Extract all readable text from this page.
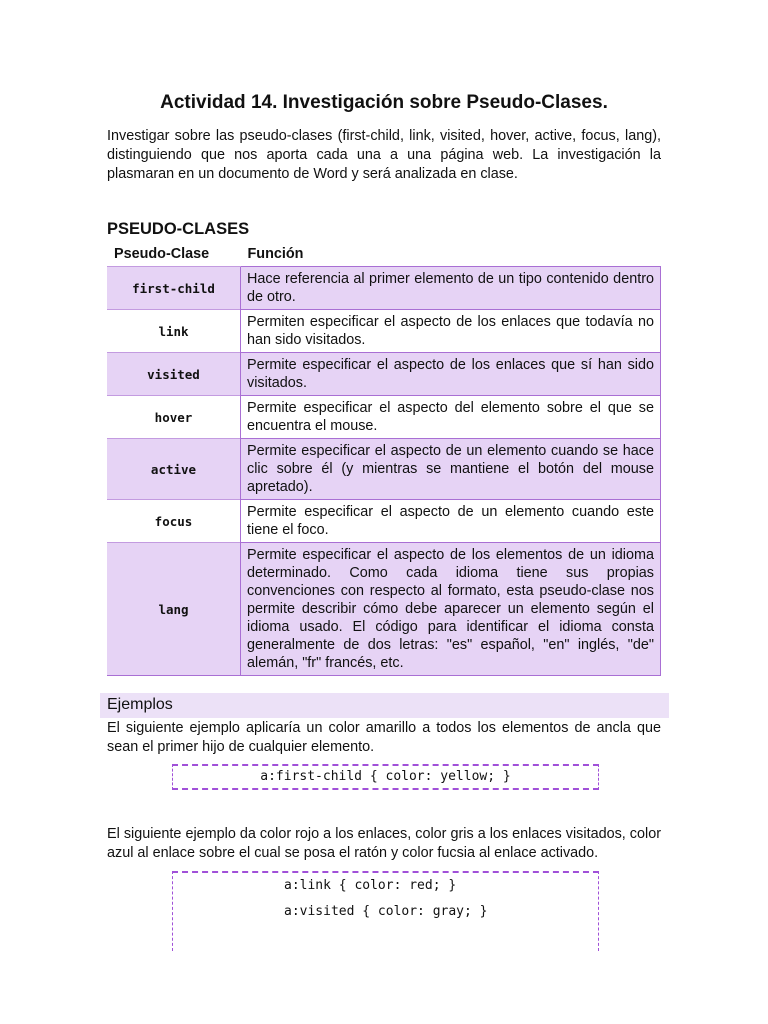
Actividad 14. Investigación sobre Pseudo-Clases.

Investigar sobre las pseudo-clases (first-child, link, visited, hover, active, focus, lang), distinguiendo que nos aporta cada una a una página web. La investigación la plasmaran en un documento de Word y será analizada en clase.

PSEUDO-CLASES

Pseudo-Clase	Función
first-child	Hace referencia al primer elemento de un tipo contenido dentro de otro.
link	Permiten especificar el aspecto de los enlaces que todavía no han sido visitados.
visited	Permite especificar el aspecto de los enlaces que sí han sido visitados.
hover	Permite especificar el aspecto del elemento sobre el que se encuentra el mouse.
active	Permite especificar el aspecto de un elemento cuando se hace clic sobre él (y mientras se mantiene el botón del mouse apretado).
focus	Permite especificar el aspecto de un elemento cuando este tiene el foco.
lang	Permite especificar el aspecto de los elementos de un idioma determinado. Como cada idioma tiene sus propias convenciones con respecto al formato, esta pseudo-clase nos permite describir cómo debe aparecer un elemento según el idioma usado. El código para identificar el idioma consta generalmente de dos letras: "es" español, "en" inglés, "de" alemán, "fr" francés, etc.

Ejemplos

El siguiente ejemplo aplicaría un color amarillo a todos los elementos de ancla que sean el primer hijo de cualquier elemento.

a:first-child { color: yellow; }

El siguiente ejemplo da color rojo a los enlaces, color gris a los enlaces visitados, color azul al enlace sobre el cual se posa el ratón y color fucsia al enlace activado.

a:link { color: red; }
a:visited { color: gray; }
